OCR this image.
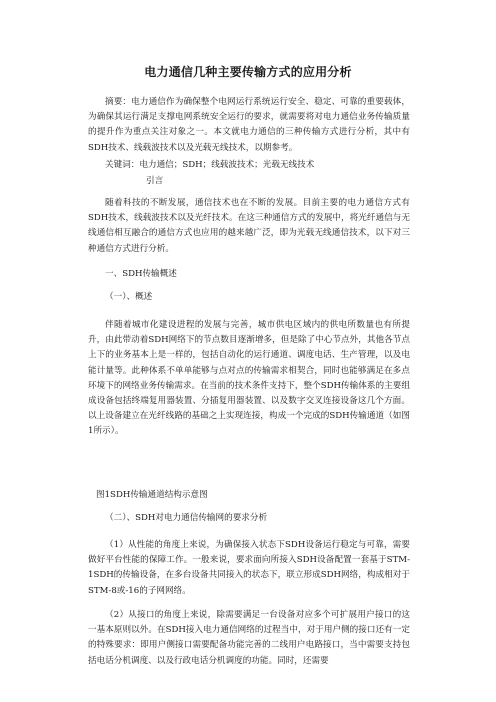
电力通信几种主要传输方式的应用分析
摘要：电力通信作为确保整个电网运行系统运行安全、稳定、可靠的重要载体，为确保其运行满足支撑电网系统安全运行的要求，就需要将对电力通信业务传输质量的提升作为重点关注对象之一。本文就电力通信的三种传输方式进行分析，其中有SDH技术、线载波技术以及光载无线技术，以期参考。
关键词：电力通信；SDH；线载波技术；光载无线技术
引言
随着科技的不断发展，通信技术也在不断的发展。目前主要的电力通信方式有SDH技术，线载波技术以及光纤技术。在这三种通信方式的发展中，将光纤通信与无线通信相互融合的通信方式也应用的越来越广泛，即为光载无线通信技术，以下对三种通信方式进行分析。
一、SDH传输概述
（一）、概述
伴随着城市化建设进程的发展与完善，城市供电区域内的供电所数量也有所提升，由此带动着SDH网络下的节点数目逐渐增多，但是除了中心节点外，其他各节点上下的业务基本上是一样的，包括自动化的运行通道、调度电话、生产管理，以及电能计量等。此种体系不单单能够与点对点的传输需求相契合，同时也能够满足在多点环境下的网络业务传输需求。在当前的技术条件支持下，整个SDH传输体系的主要组成设备包括终端复用器装置、分插复用器装置、以及数字交叉连接设备这几个方面。以上设备建立在光纤线路的基础之上实现连接，构成一个完成的SDH传输通道（如图1所示）。
图1SDH传输通道结构示意图
（二）、SDH对电力通信传输网的要求分析
（1）从性能的角度上来说，为确保接入状态下SDH设备运行稳定与可靠，需要做好平台性能的保障工作。一般来说，要求面向所接入SDH设备配置一套基于STM-1SDH的传输设备，在多台设备共同接入的状态下，联立形成SDH网络，构成相对于STM-8或-16的子网网络。
（2）从接口的角度上来说，除需要满足一台设备对应多个可扩展用户接口的这一基本原则以外。在SDH接入电力通信网络的过程当中，对于用户侧的接口还有一定的特殊要求：即用户侧接口需要配备功能完善的二线用户电路接口，当中需要支持包括电话分机调度、以及行政电话分机调度的功能。同时，还需要
